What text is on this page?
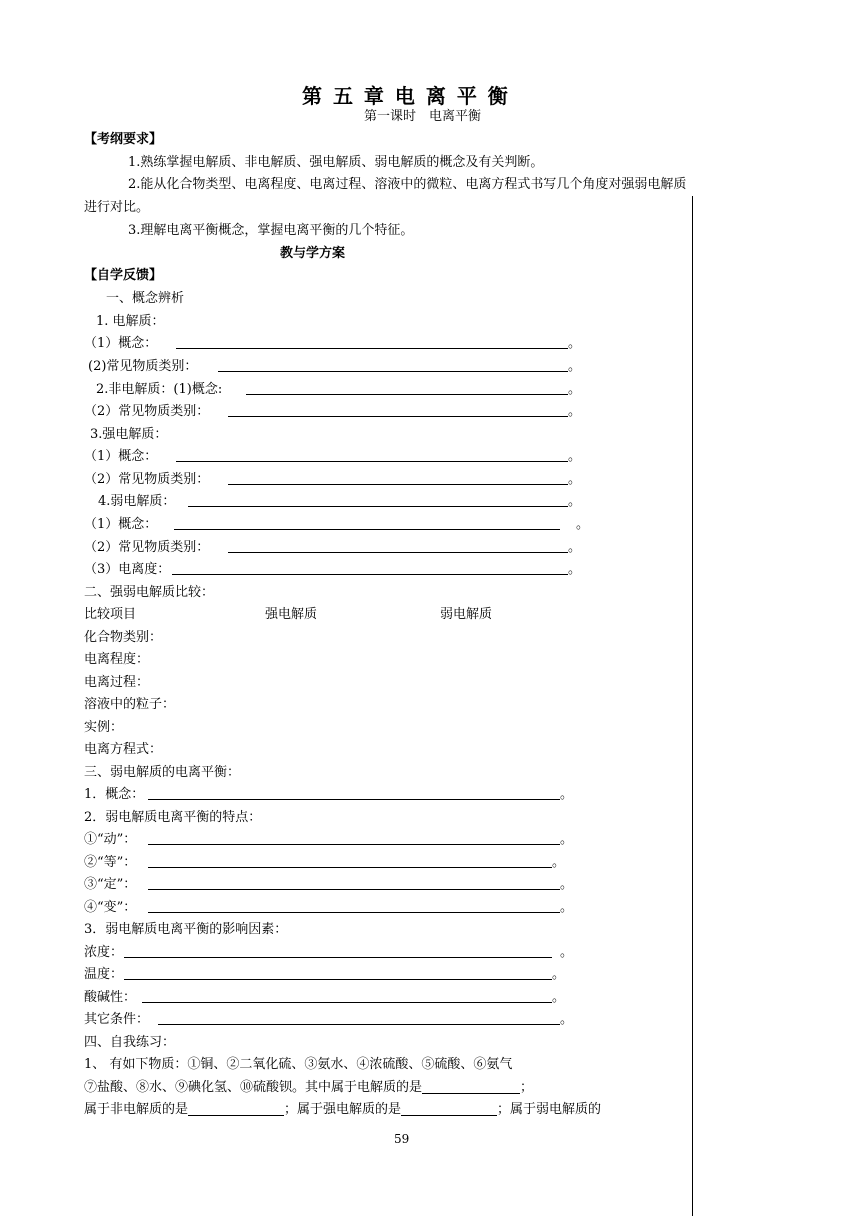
第 五 章 电 离 平 衡
第一课时　电离平衡
【考纲要求】
1.熟练掌握电解质、非电解质、强电解质、弱电解质的概念及有关判断。
2.能从化合物类型、电离程度、电离过程、溶液中的微粒、电离方程式书写几个角度对强弱电解质
进行对比。
3.理解电离平衡概念，掌握电离平衡的几个特征。
教与学方案
【自学反馈】
一、概念辨析
1. 电解质：
（1）概念：	。
(2)常见物质类别：	。
2.非电解质：(1)概念:	。
（2）常见物质类别：	。
3.强电解质：
（1）概念：	。
（2）常见物质类别：	。
4.弱电解质：	。
（1）概念：	。
（2）常见物质类别：	。
（3）电离度：	。
二、强弱电解质比较：
比较项目	强电解质	弱电解质
化合物类别：
电离程度：
电离过程：
溶液中的粒子：
实例：
电离方程式：
三、弱电解质的电离平衡：
1．概念：	。
2．弱电解质电离平衡的特点：
①“动”：	。
②“等”：	。
③“定”：	。
④“变”：	。
3．弱电解质电离平衡的影响因素：
浓度：	。
温度：	。
酸碱性：	。
其它条件：	。
四、自我练习：
1、 有如下物质：①铜、②二氧化硫、③氨水、④浓硫酸、⑤硫酸、⑥氨气
⑦盐酸、⑧水、⑨碘化氢、⑩硫酸钡。其中属于电解质的是	；
属于非电解质的是	；属于强电解质的是	；属于弱电解质的
59
